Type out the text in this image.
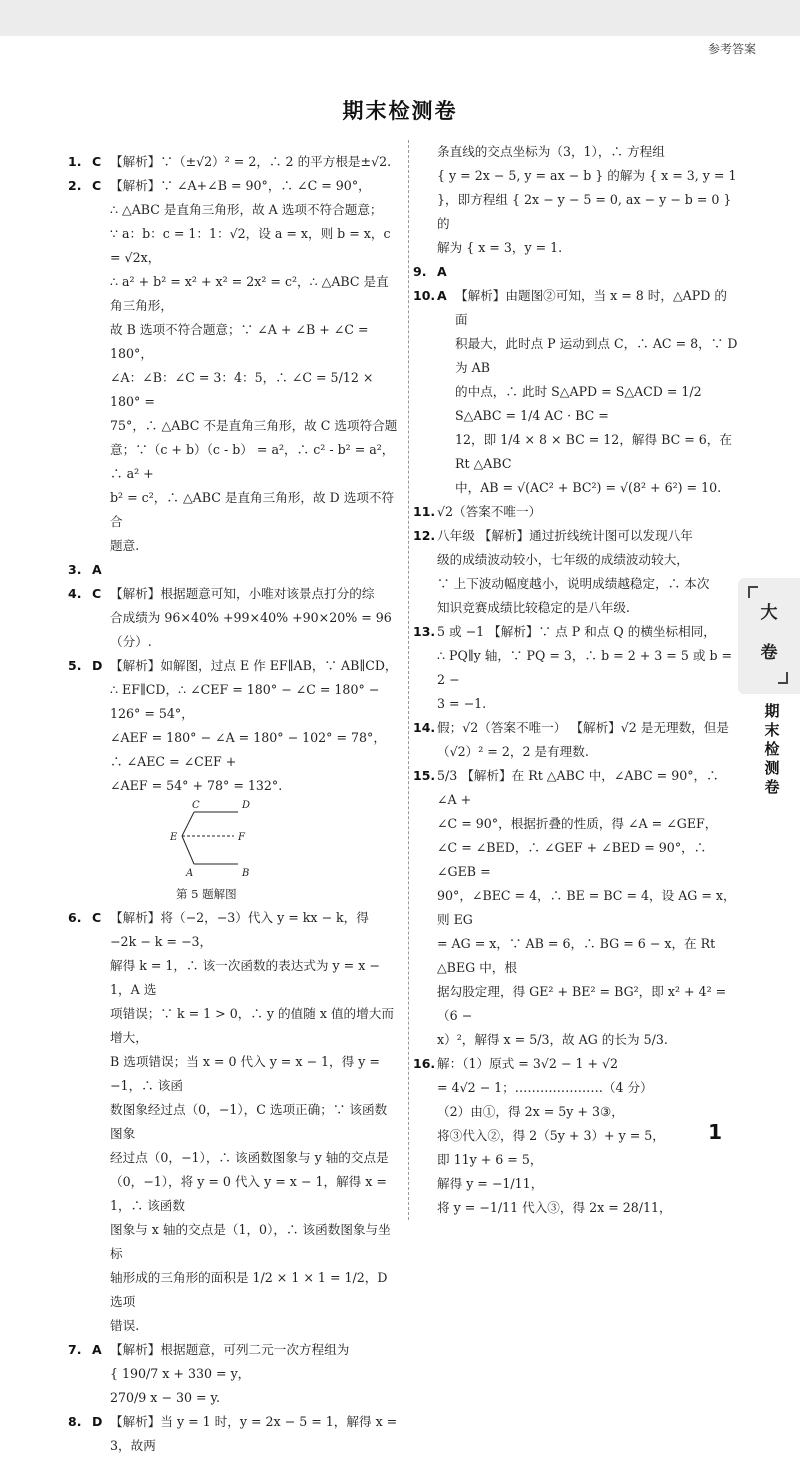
参考答案
期末检测卷
1. C 【解析】∵（±√2）² = 2，∴ 2 的平方根是±√2.
2. C 【解析】∵ ∠A+∠B = 90°，∴ ∠C = 90°，
∴ △ABC 是直角三角形，故 A 选项不符合题意；
∵ a：b：c = 1：1：√2，设 a = x，则 b = x，c = √2x，
∴ a² + b² = x² + x² = 2x² = c²，∴ △ABC 是直角三角形，
故 B 选项不符合题意；∵ ∠A + ∠B + ∠C = 180°，
∠A：∠B：∠C = 3：4：5，∴ ∠C = 5/12 × 180° =
75°，∴ △ABC 不是直角三角形，故 C 选项符合题
意；∵（c + b）（c - b） = a²，∴ c² - b² = a²，∴ a² +
b² = c²，∴ △ABC 是直角三角形，故 D 选项不符合
题意.
3. A
4. C 【解析】根据题意可知，小唯对该景点打分的综
合成绩为 96×40% +99×40% +90×20% = 96（分）.
5. D 【解析】如解图，过点 E 作 EF∥AB，∵ AB∥CD，
∴ EF∥CD，∴ ∠CEF = 180° − ∠C = 180° − 126° = 54°，
∠AEF = 180° − ∠A = 180° − 102° = 78°，∴ ∠AEC = ∠CEF +
∠AEF = 54° + 78° = 132°.
C	D
E	F
A	B
第 5 题解图
6. C 【解析】将（−2，−3）代入 y = kx − k，得 −2k − k = −3，
解得 k = 1，∴ 该一次函数的表达式为 y = x − 1，A 选
项错误；∵ k = 1 > 0，∴ y 的值随 x 值的增大而增大，
B 选项错误；当 x = 0 代入 y = x − 1，得 y = −1，∴ 该函
数图象经过点（0，−1），C 选项正确；∵ 该函数图象
经过点（0，−1），∴ 该函数图象与 y 轴的交点是
（0，−1），将 y = 0 代入 y = x − 1，解得 x = 1，∴ 该函数
图象与 x 轴的交点是（1，0），∴ 该函数图象与坐标
轴形成的三角形的面积是 1/2 × 1 × 1 = 1/2，D 选项
错误.
7. A 【解析】根据题意，可列二元一次方程组为
{ 190/7 x + 330 = y，
270/9 x − 30 = y.
8. D 【解析】当 y = 1 时，y = 2x − 5 = 1，解得 x = 3，故两
条直线的交点坐标为（3，1），∴ 方程组
{ y = 2x − 5, y = ax − b } 的解为 { x = 3, y = 1 }，即方程组 { 2x − y − 5 = 0, ax − y − b = 0 } 的
解为 { x = 3，y = 1.
9. A
10. A 【解析】由题图②可知，当 x = 8 时，△APD 的面
积最大，此时点 P 运动到点 C，∴ AC = 8，∵ D 为 AB
的中点，∴ 此时 S△APD = S△ACD = 1/2 S△ABC = 1/4 AC · BC =
12，即 1/4 × 8 × BC = 12，解得 BC = 6，在 Rt △ABC
中，AB = √(AC² + BC²) = √(8² + 6²) = 10.
11. √2（答案不唯一）
12. 八年级 【解析】通过折线统计图可以发现八年
级的成绩波动较小，七年级的成绩波动较大，
∵ 上下波动幅度越小，说明成绩越稳定，∴ 本次
知识竞赛成绩比较稳定的是八年级.
13. 5 或 −1 【解析】∵ 点 P 和点 Q 的横坐标相同，
∴ PQ∥y 轴，∵ PQ = 3，∴ b = 2 + 3 = 5 或 b = 2 −
3 = −1.
14. 假；√2（答案不唯一） 【解析】√2 是无理数，但是
（√2）² = 2，2 是有理数.
15. 5/3 【解析】在 Rt △ABC 中，∠ABC = 90°，∴ ∠A +
∠C = 90°，根据折叠的性质，得 ∠A = ∠GEF，
∠C = ∠BED，∴ ∠GEF + ∠BED = 90°，∴ ∠GEB =
90°，∠BEC = 4，∴ BE = BC = 4，设 AG = x，则 EG
= AG = x，∵ AB = 6，∴ BG = 6 − x，在 Rt △BEG 中，根
据勾股定理，得 GE² + BE² = BG²，即 x² + 4² = （6 −
x）²，解得 x = 5/3，故 AG 的长为 5/3.
16. 解：（1）原式 = 3√2 − 1 + √2
= 4√2 − 1；…………………（4 分）
（2）由①，得 2x = 5y + 3③，
将③代入②，得 2（5y + 3）+ y = 5，
即 11y + 6 = 5，
解得 y = −1/11，
将 y = −1/11 代入③，得 2x = 28/11，
大
卷
期末检测卷
1
